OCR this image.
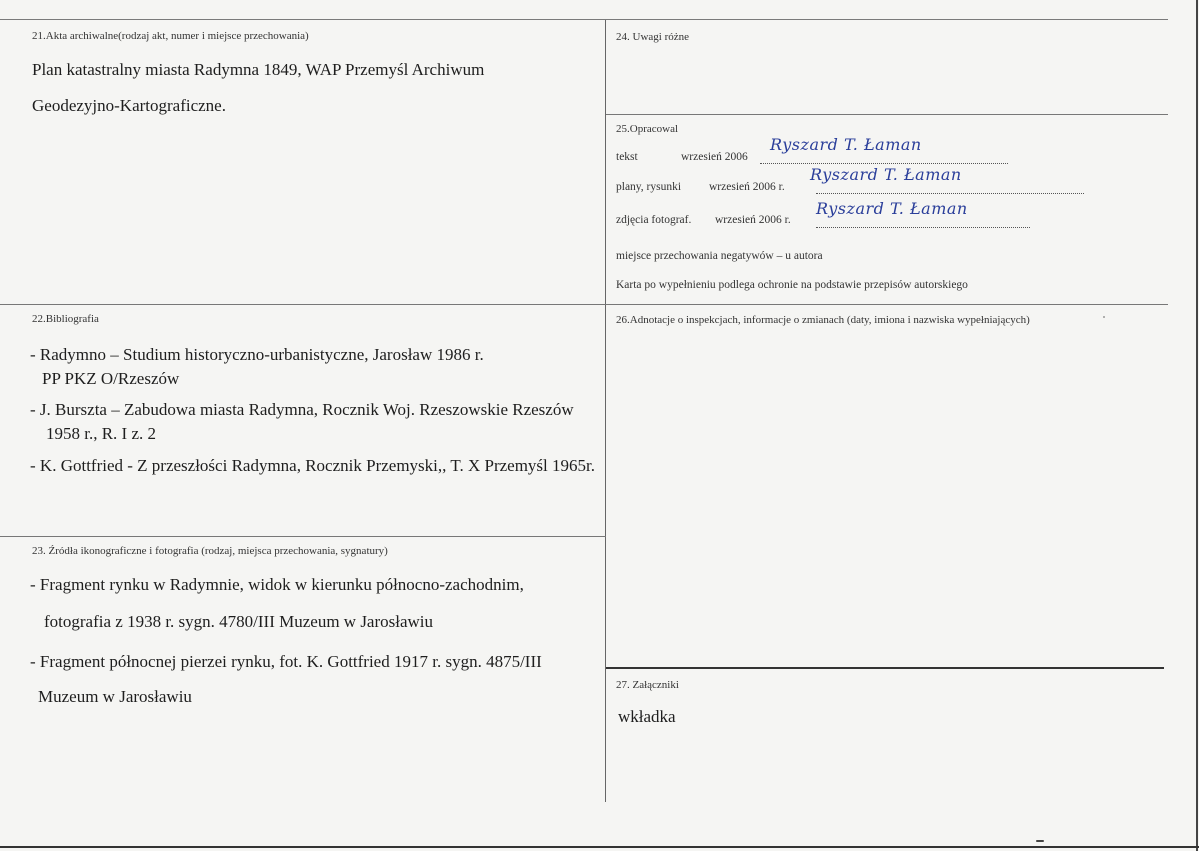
21.Akta archiwalne(rodzaj akt, numer i miejsce przechowania)
Plan katastralny miasta Radymna 1849, WAP Przemyśl Archiwum
Geodezyjno-Kartograficzne.
24. Uwagi różne
25.Opracowal
tekst	wrzesień 2006
Ryszard T. Łaman
plany, rysunki wrzesień 2006 r.
Ryszard T. Łaman
zdjęcia fotograf. wrzesień 2006 r.
Ryszard T. Łaman
miejsce przechowania negatywów – u autora
Karta po wypełnieniu podlega ochronie na podstawie przepisów autorskiego
22.Bibliografia
- Radymno – Studium historyczno-urbanistyczne, Jarosław 1986 r.
PP PKZ O/Rzeszów
- J. Burszta – Zabudowa miasta Radymna, Rocznik Woj. Rzeszowskie Rzeszów
1958 r., R. I z. 2
- K. Gottfried - Z przeszłości Radymna, Rocznik Przemyski,, T. X Przemyśl 1965r.
26.Adnotacje o inspekcjach, informacje o zmianach (daty, imiona i nazwiska wypełniających)
23. Źródła ikonograficzne i fotografia (rodzaj, miejsca przechowania, sygnatury)
- Fragment rynku w Radymnie, widok w kierunku północno-zachodnim,
fotografia z 1938 r. sygn. 4780/III Muzeum w Jarosławiu
- Fragment północnej pierzei rynku, fot. K. Gottfried 1917 r. sygn. 4875/III
Muzeum w Jarosławiu
27. Załączniki
wkładka
